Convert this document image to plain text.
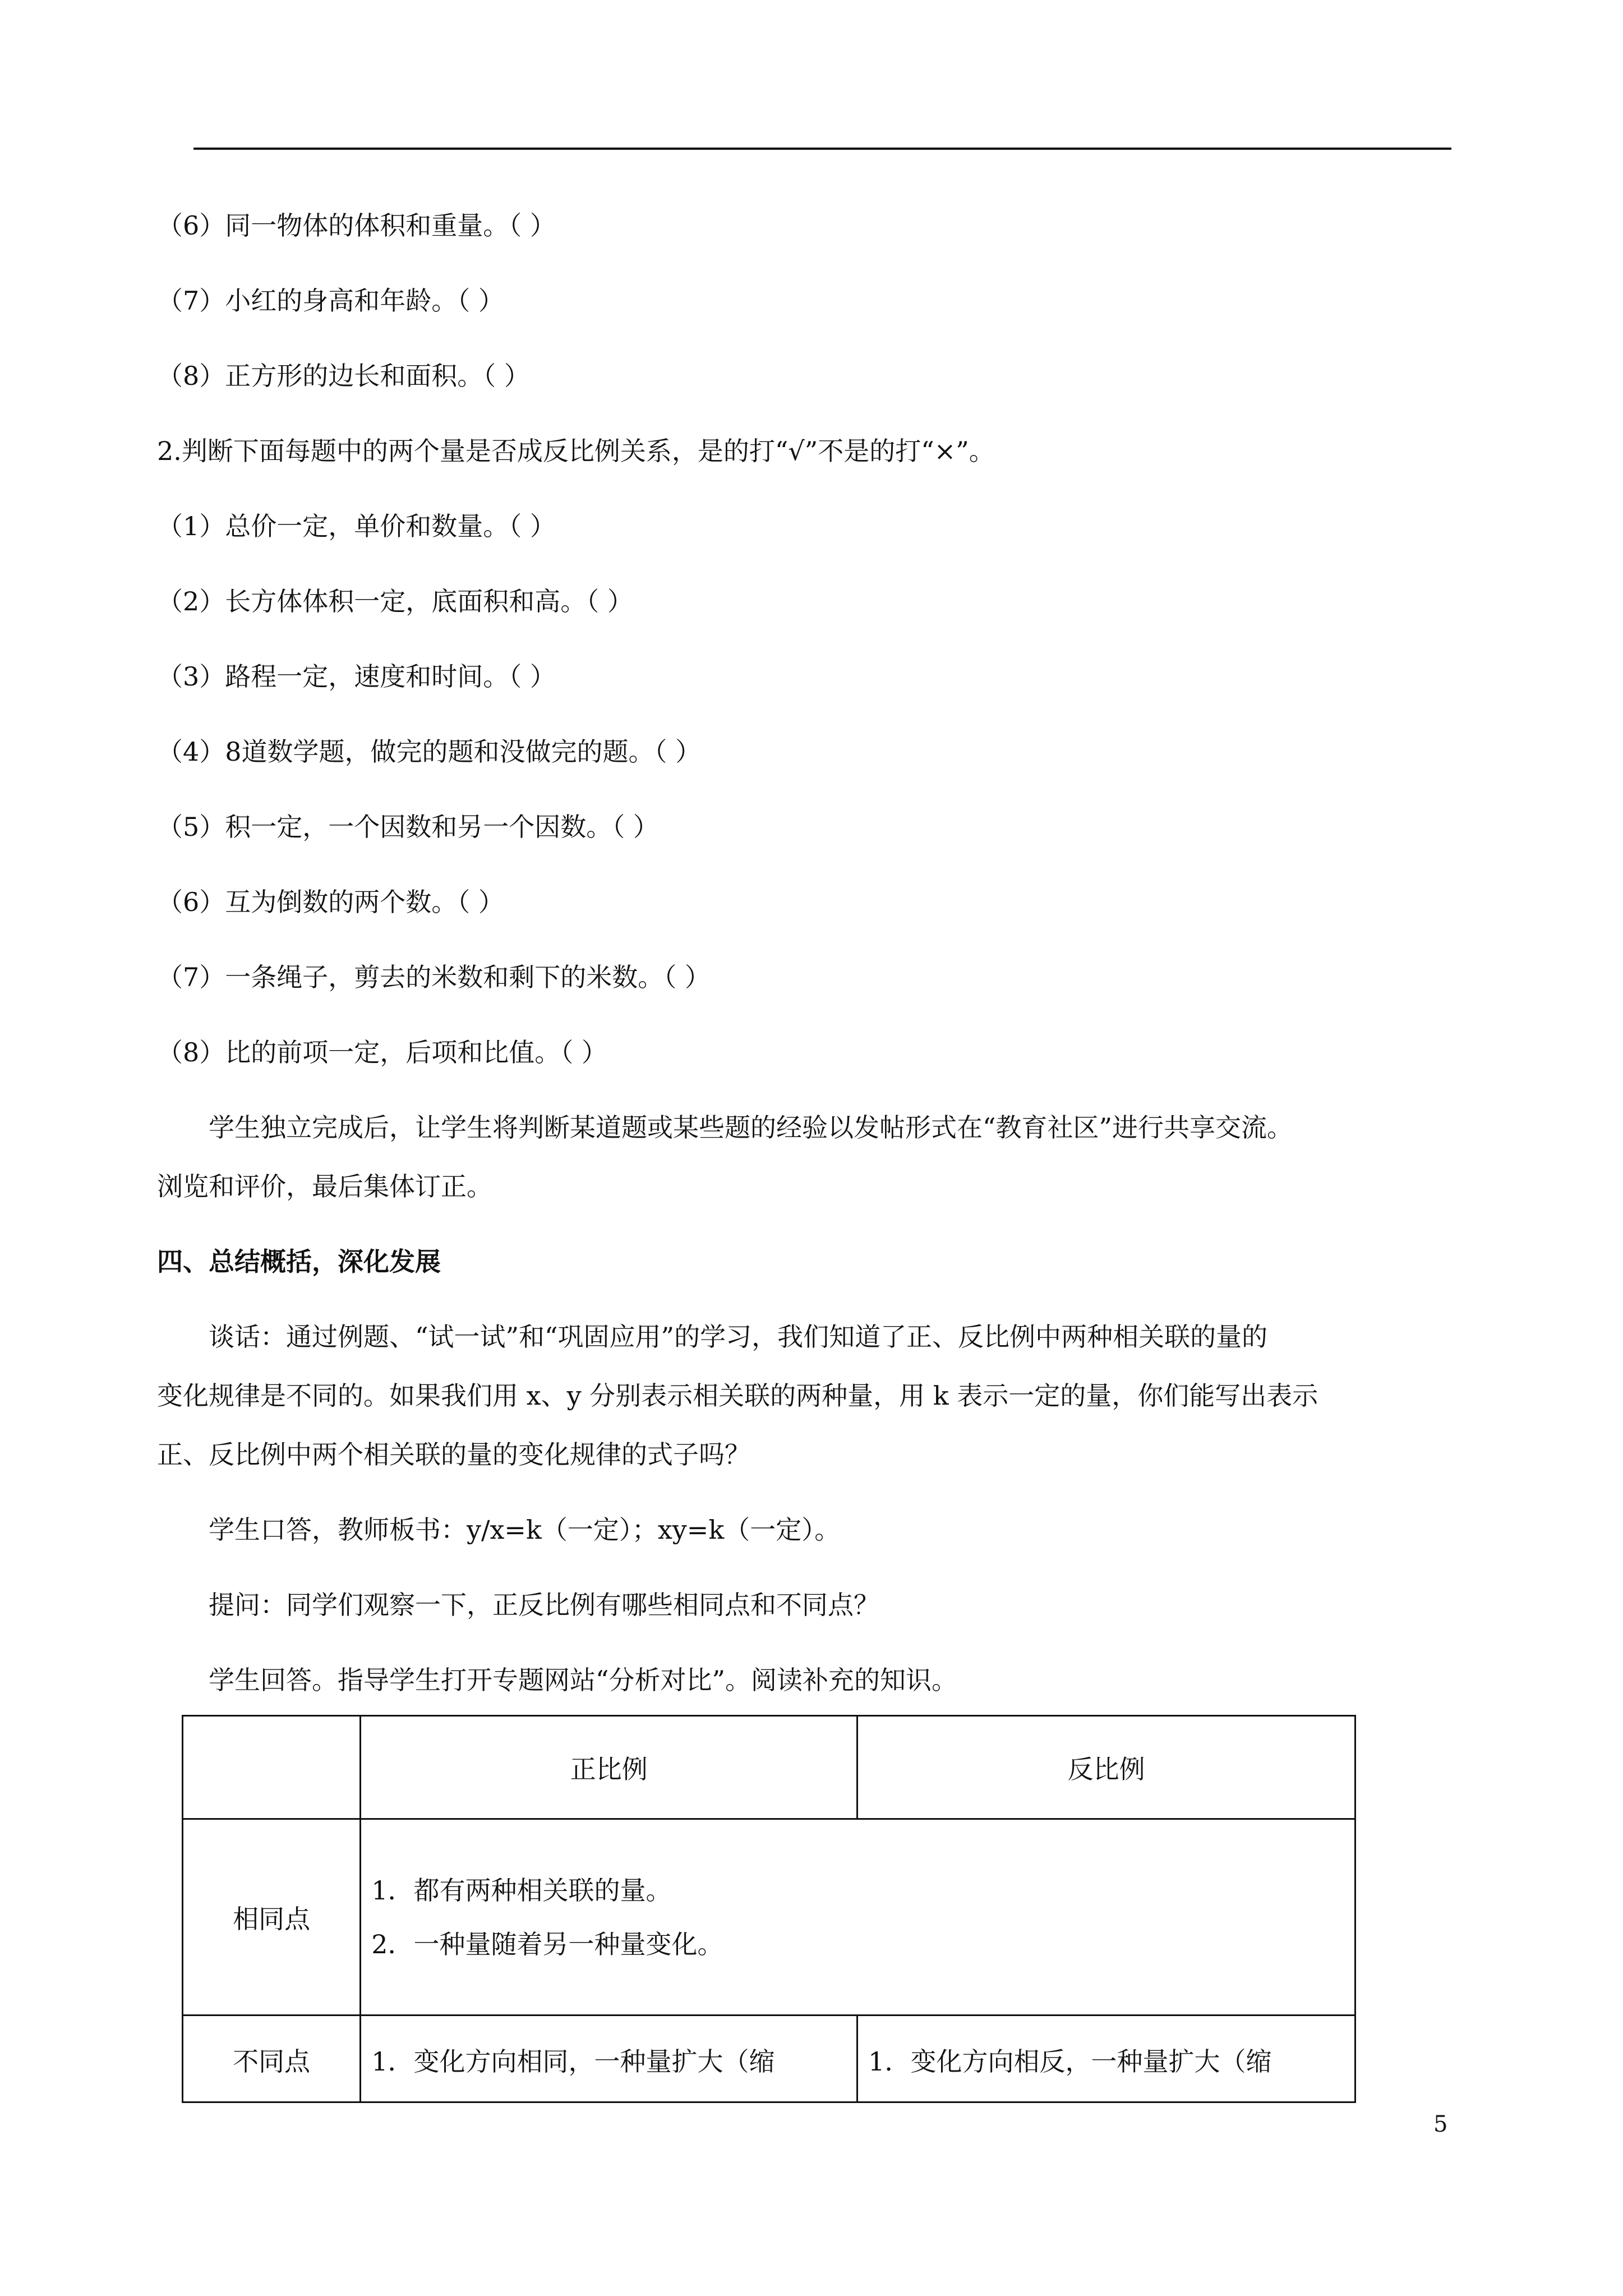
（6）同一物体的体积和重量。（ ）
（7）小红的身高和年龄。（ ）
（8）正方形的边长和面积。（ ）
2.判断下面每题中的两个量是否成反比例关系，是的打“√”不是的打“×”。
（1）总价一定，单价和数量。（ ）
（2）长方体体积一定，底面积和高。（ ）
（3）路程一定，速度和时间。（ ）
（4）8道数学题，做完的题和没做完的题。（ ）
（5）积一定，一个因数和另一个因数。（ ）
（6）互为倒数的两个数。（ ）
（7）一条绳子，剪去的米数和剩下的米数。（ ）
（8）比的前项一定，后项和比值。（ ）
学生独立完成后，让学生将判断某道题或某些题的经验以发帖形式在“教育社区”进行共享交流。
浏览和评价，最后集体订正。
四、总结概括，深化发展
谈话：通过例题、“试一试”和“巩固应用”的学习，我们知道了正、反比例中两种相关联的量的
变化规律是不同的。如果我们用 x、y 分别表示相关联的两种量，用 k 表示一定的量，你们能写出表示
正、反比例中两个相关联的量的变化规律的式子吗？
学生口答，教师板书：y/x=k（一定）；xy=k（一定）。
提问：同学们观察一下，正反比例有哪些相同点和不同点？
学生回答。指导学生打开专题网站“分析对比”。阅读补充的知识。
	正比例	反比例
相同点	1．都有两种相关联的量。
2．一种量随着另一种量变化。	

不同点	1．变化方向相同，一种量扩大（缩	1．变化方向相反，一种量扩大（缩
5
